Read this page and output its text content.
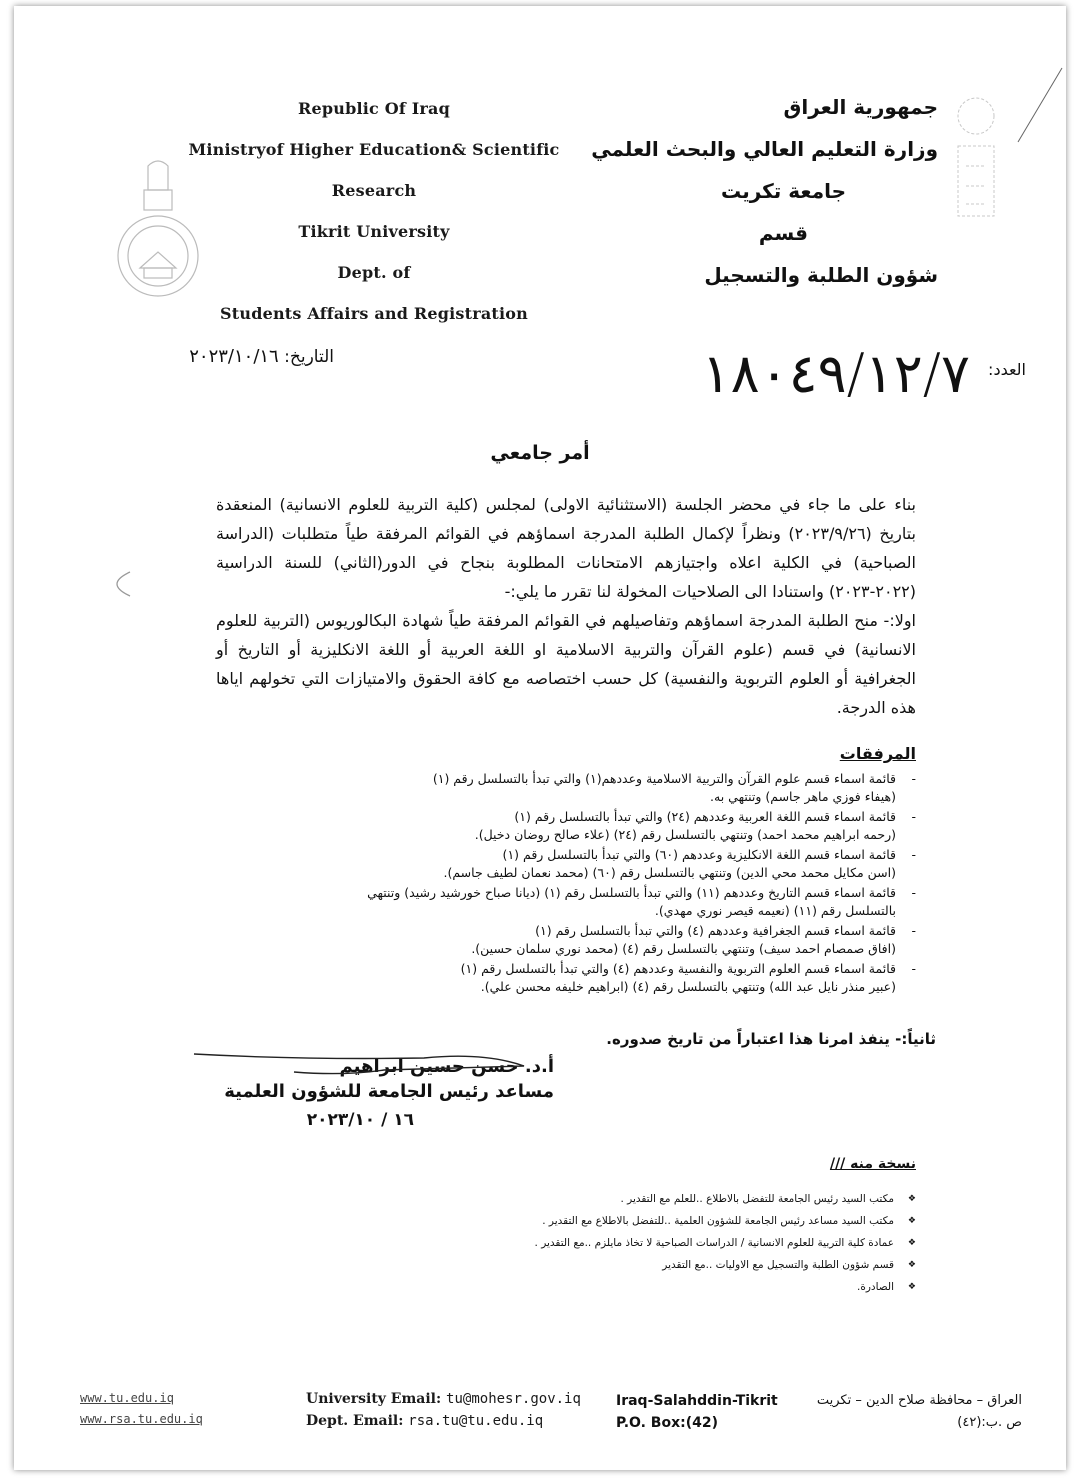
Republic Of Iraq
Ministryof Higher Education& Scientific Research
Tikrit University
Dept. of
Students Affairs and Registration
جمهورية العراق
وزارة التعليم العالي والبحث العلمي
جامعة تكريت
قسم
شؤون الطلبة والتسجيل
التاريخ: ٢٠٢٣/١٠/١٦
العدد:
١٨٠٤٩/١٢/٧
أمر جامعي

بناء على ما جاء في محضر الجلسة (الاستثنائية الاولى) لمجلس (كلية التربية للعلوم الانسانية) المنعقدة بتاريخ (٢٠٢٣/٩/٢٦) ونظراً لإكمال الطلبة المدرجة اسماؤهم في القوائم المرفقة طياً متطلبات (الدراسة الصباحية) في الكلية اعلاه واجتيازهم الامتحانات المطلوبة بنجاح في الدور(الثاني) للسنة الدراسية (٢٠٢٢-٢٠٢٣) واستنادا الى الصلاحيات المخولة لنا تقرر ما يلي:-

اولا:- منح الطلبة المدرجة اسماؤهم وتفاصيلهم في القوائم المرفقة طياً شهادة البكالوريوس (التربية للعلوم الانسانية) في قسم (علوم القرآن والتربية الاسلامية او اللغة العربية أو اللغة الانكليزية أو التاريخ أو الجغرافية أو العلوم التربوية والنفسية) كل حسب اختصاصه مع كافة الحقوق والامتيازات التي تخولهم اياها هذه الدرجة.

المرفقات
- قائمة اسماء قسم علوم القرآن والتربية الاسلامية وعددهم(١) والتي تبدأ بالتسلسل رقم (١)
(هيفاء فوزي ماهر جاسم) وتنتهي به.
- قائمة اسماء قسم اللغة العربية وعددهم (٢٤) والتي تبدأ بالتسلسل رقم (١)
(رحمه ابراهيم محمد احمد) وتنتهي بالتسلسل رقم (٢٤) (علاء صالح روضان دخيل).
- قائمة اسماء قسم اللغة الانكليزية وعددهم (٦٠) والتي تبدأ بالتسلسل رقم (١)
(اسن مكايل محمد محي الدين) وتنتهي بالتسلسل رقم (٦٠) (محمد نعمان لطيف جاسم).
- قائمة اسماء قسم التاريخ وعددهم (١١) والتي تبدأ بالتسلسل رقم (١) (ديانا صباح خورشيد رشيد) وتنتهي
بالتسلسل رقم (١١) (نعيمه قيصر نوري مهدي).
- قائمة اسماء قسم الجغرافية وعددهم (٤) والتي تبدأ بالتسلسل رقم (١)
(افاق صمصام احمد سيف) وتنتهي بالتسلسل رقم (٤) (محمد نوري سلمان حسين).
- قائمة اسماء قسم العلوم التربوية والنفسية وعددهم (٤) والتي تبدأ بالتسلسل رقم (١)
(عبير منذر نايل عبد الله) وتنتهي بالتسلسل رقم (٤) (ابراهيم خليفه محسن علي).
ثانياً:- ينفذ امرنا هذا اعتباراً من تاريخ صدوره.
أ.د. حسن حسين ابراهيم
مساعد رئيس الجامعة للشؤون العلمية
١٦ / ٢٠٢٣/١٠
نسخة منه ///
❖ مكتب السيد رئيس الجامعة للتفضل بالاطلاع ..للعلم مع التقدير .
❖ مكتب السيد مساعد رئيس الجامعة للشؤون العلمية ..للتفضل بالاطلاع مع التقدير .
❖ عمادة كلية التربية للعلوم الانسانية / الدراسات الصباحية لا تخاذ مايلزم ..مع التقدير .
❖ قسم شؤون الطلبة والتسجيل مع الاوليات ..مع التقدير
❖ الصادرة.
www.tu.edu.iq
www.rsa.tu.edu.iq
University Email: tu@mohesr.gov.iq
Dept. Email: rsa.tu@tu.edu.iq
Iraq-Salahddin-Tikrit
P.O. Box:(42)
العراق – محافظة صلاح الدين – تكريت
ص .ب:(٤٢)
